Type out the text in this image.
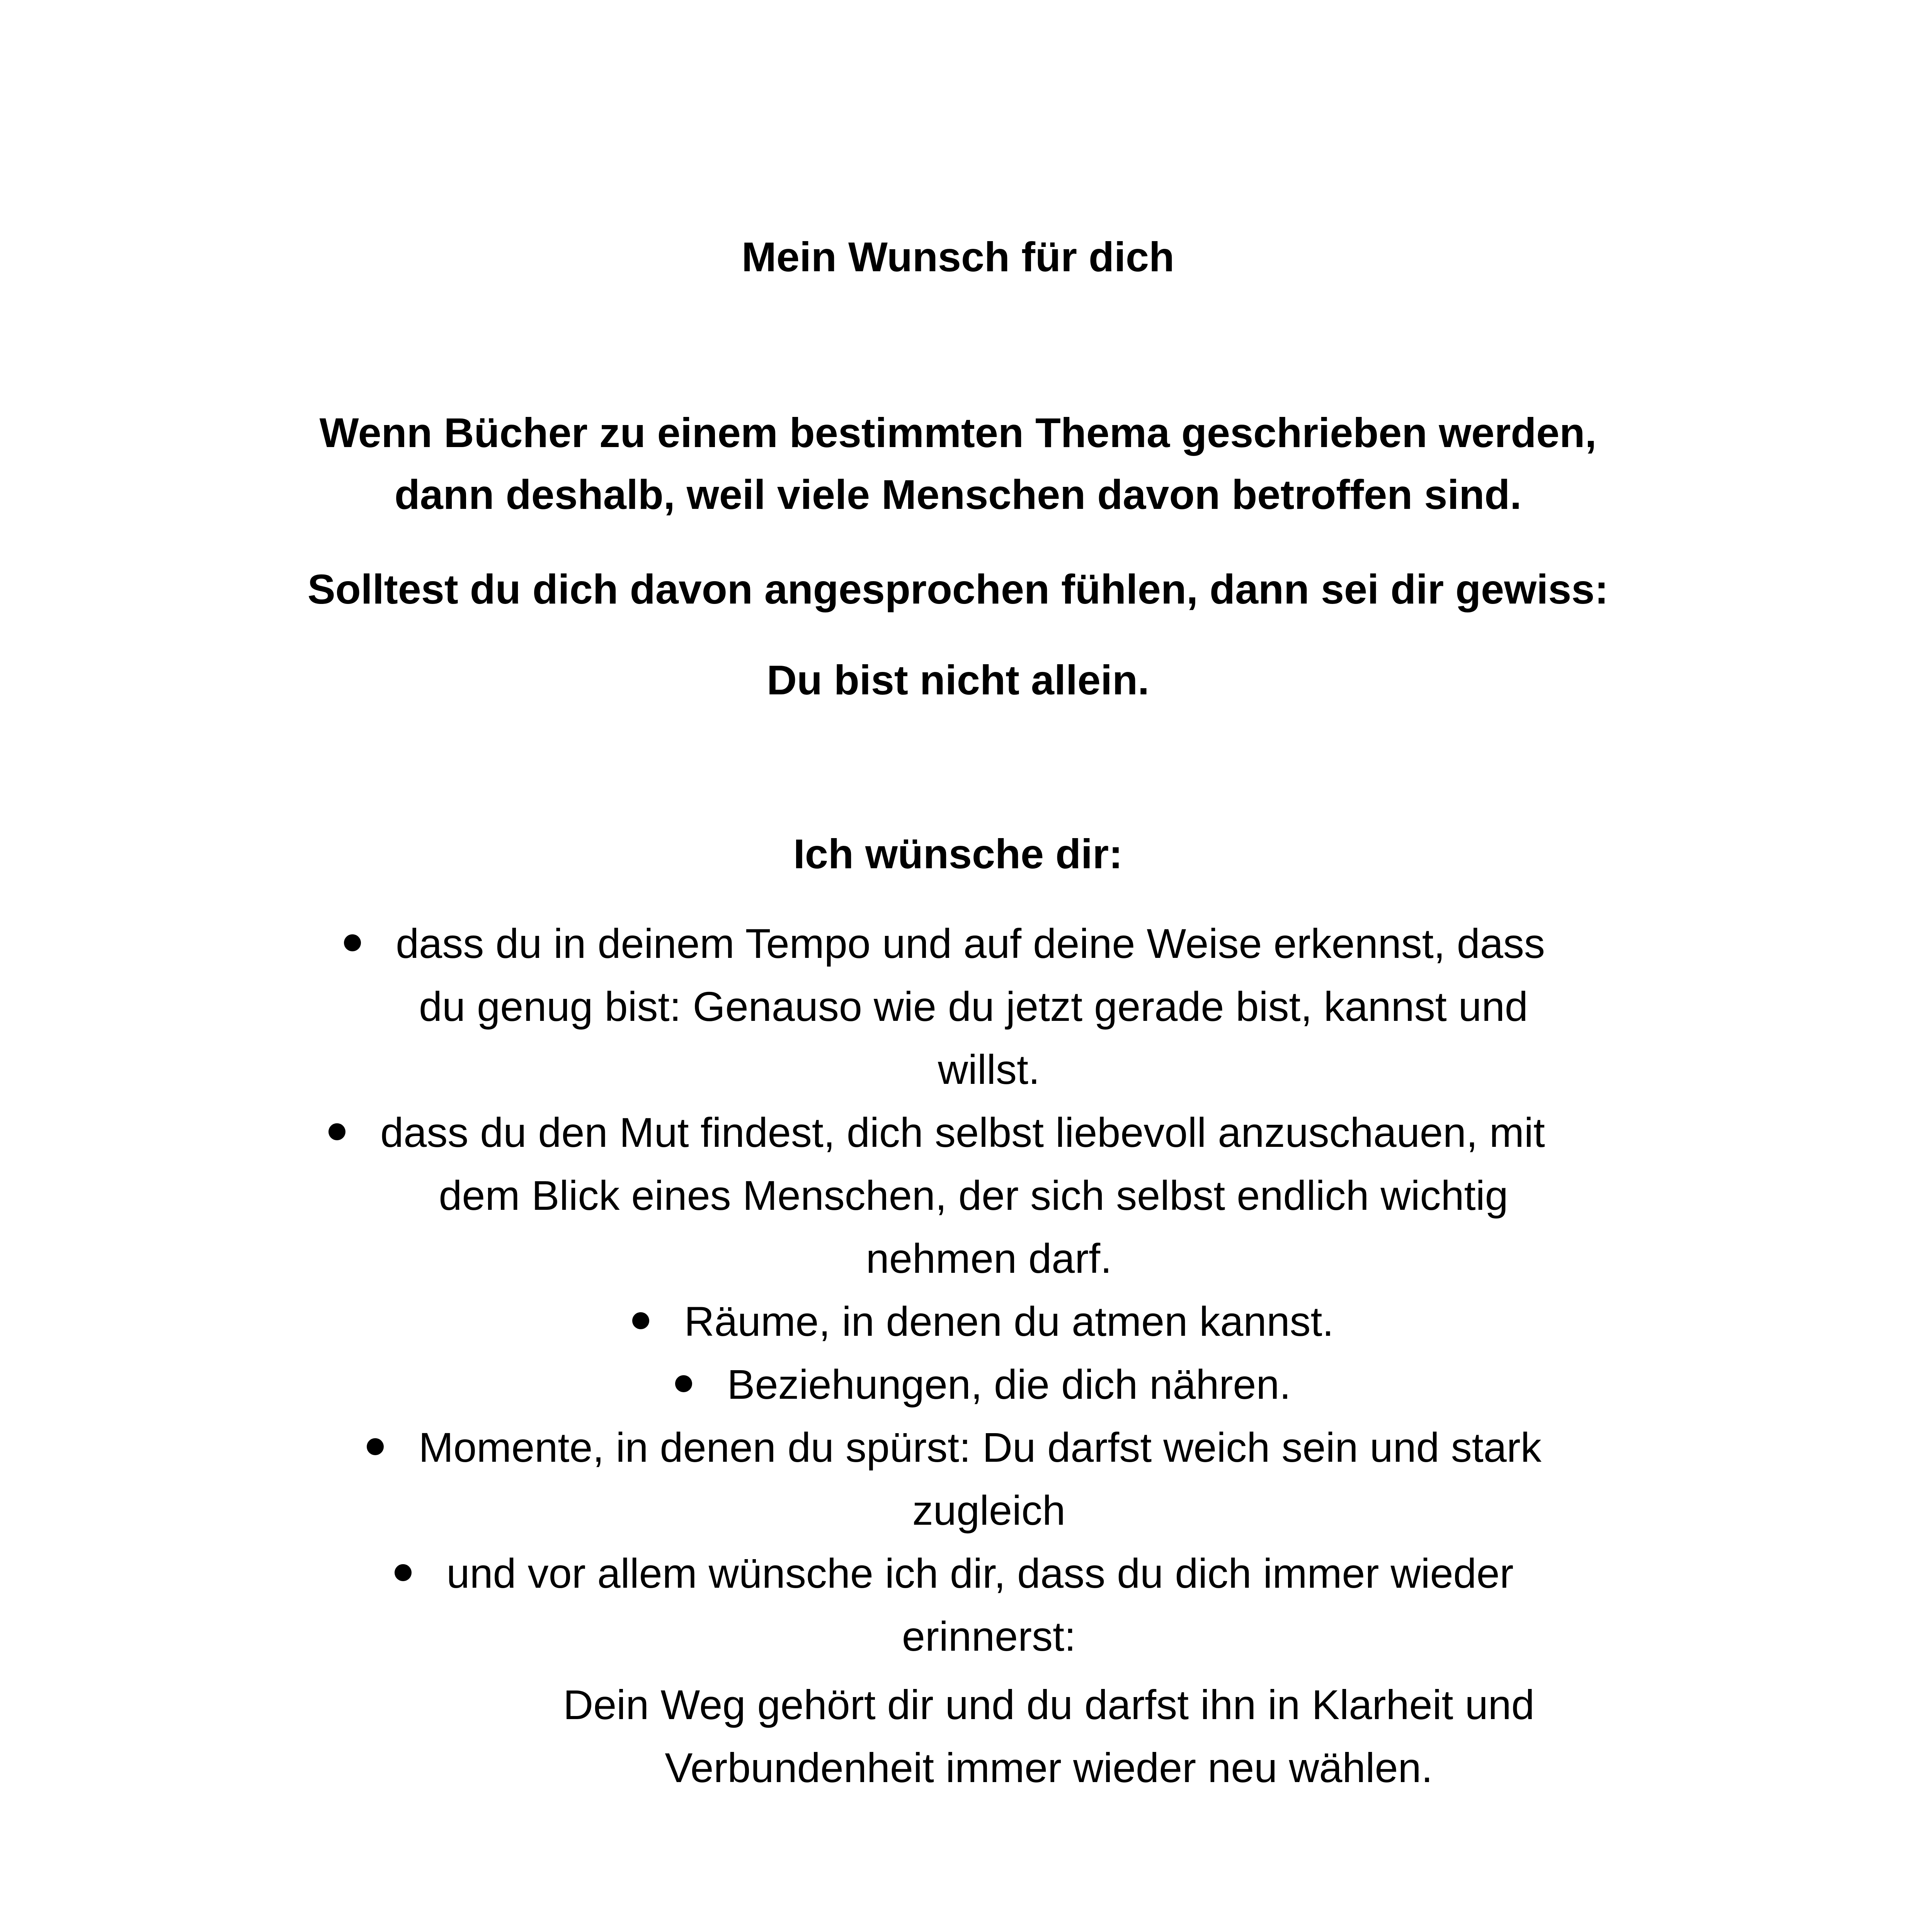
Mein Wunsch für dich
Wenn Bücher zu einem bestimmten Thema geschrieben werden,
dann deshalb, weil viele Menschen davon betroffen sind.
Solltest du dich davon angesprochen fühlen, dann sei dir gewiss:
Du bist nicht allein.
Ich wünsche dir:
dass du in deinem Tempo und auf deine Weise erkennst, dass
du genug bist: Genauso wie du jetzt gerade bist, kannst und
willst.
dass du den Mut findest, dich selbst liebevoll anzuschauen, mit
dem Blick eines Menschen, der sich selbst endlich wichtig
nehmen darf.
Räume, in denen du atmen kannst.
Beziehungen, die dich nähren.
Momente, in denen du spürst: Du darfst weich sein und stark
zugleich
und vor allem wünsche ich dir, dass du dich immer wieder
erinnerst:
Dein Weg gehört dir und du darfst ihn in Klarheit und
Verbundenheit immer wieder neu wählen.
